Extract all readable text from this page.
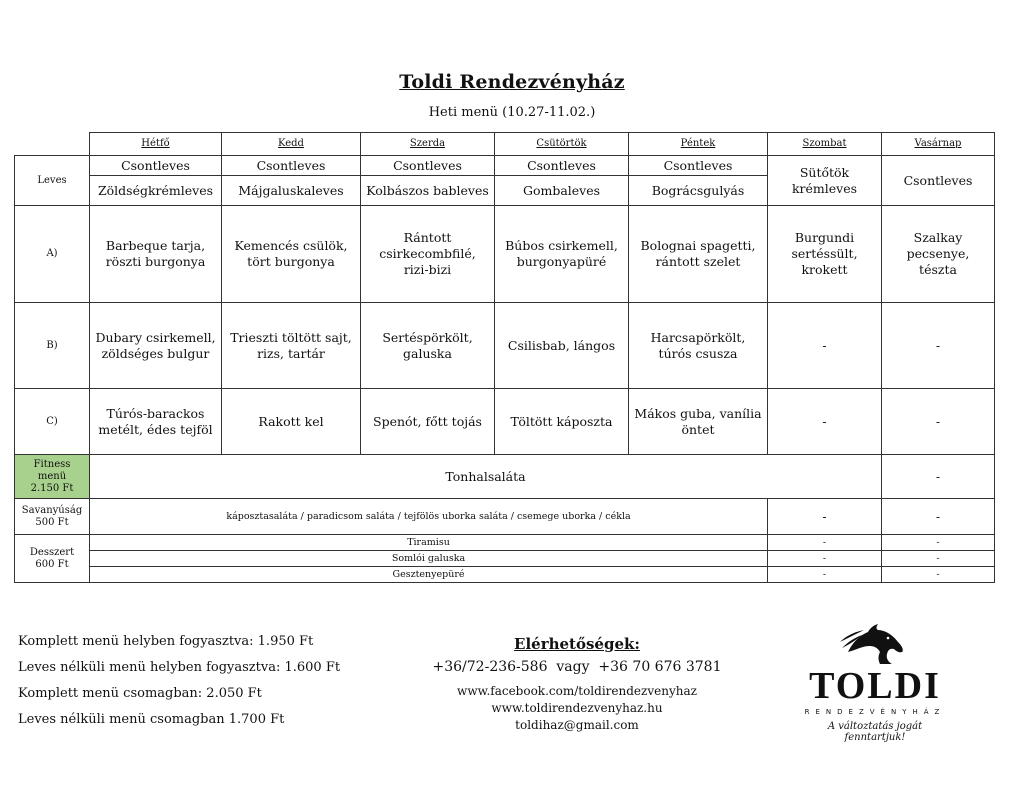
Toldi Rendezvényház
Heti menü (10.27-11.02.)
	Hétfő	Kedd	Szerda	Csütörtök	Péntek	Szombat	Vasárnap
Leves	Csontleves	Csontleves	Csontleves	Csontleves	Csontleves	Sütőtök krémleves	Csontleves
	Zöldségkrémleves	Májgaluskaleves	Kolbászos bableves	Gombaleves	Bográcsgulyás		
A)	Barbeque tarja, röszti burgonya	Kemencés csülök, tört burgonya	Rántott csirkecombfilé, rizi-bizi	Búbos csirkemell, burgonyapüré	Bolognai spagetti, rántott szelet	Burgundi sertéssült, krokett	Szalkay pecsenye, tészta
B)	Dubary csirkemell, zöldséges bulgur	Trieszti töltött sajt, rizs, tartár	Sertéspörkölt, galuska	Csilisbab, lángos	Harcsapörkölt, túrós csusza	-	-
C)	Túrós-barackos metélt, édes tejföl	Rakott kel	Spenót, főtt tojás	Töltött káposzta	Mákos guba, vanília öntet	-	-
Fitness menü
2.150 Ft	Tonhalsaláta						-
Savanyúság
500 Ft	káposztasaláta / paradicsom saláta / tejfölös uborka saláta / csemege uborka / cékla					-	-
Desszert
600 Ft	Tiramisu					-	-
	Somlói galuska					-	-
	Gesztenyepüré					-	-
Komplett menü helyben fogyasztva: 1.950 Ft
Leves nélküli menü helyben fogyasztva: 1.600 Ft
Komplett menü csomagban: 2.050 Ft
Leves nélküli menü csomagban 1.700 Ft
Elérhetőségek:
+36/72-236-586  vagy  +36 70 676 3781
www.facebook.com/toldirendezvenyhaz
www.toldirendezvenyhaz.hu
toldihaz@gmail.com
TOLDI
RENDEZVÉNYHÁZ
A változtatás jogát fenntartjuk!
